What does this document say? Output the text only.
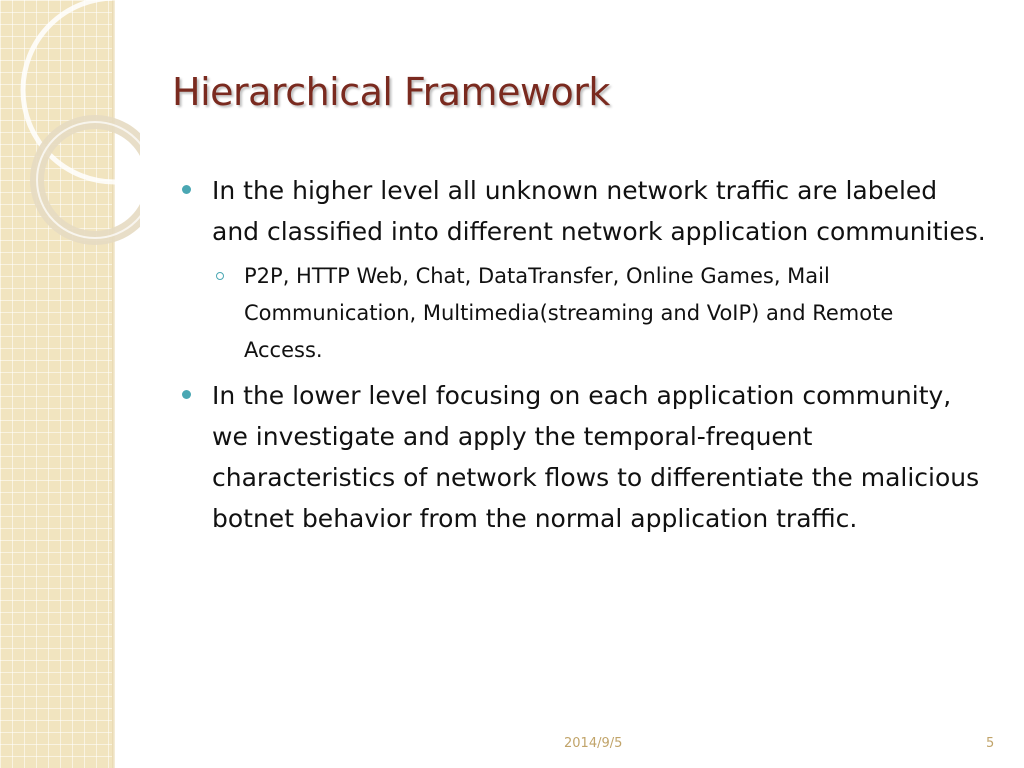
Hierarchical Framework
In the higher level all unknown network traffic are labeled and classified into different network application communities.
P2P, HTTP Web, Chat, DataTransfer, Online Games, Mail Communication, Multimedia(streaming and VoIP) and Remote Access.
In the lower level focusing on each application community, we investigate and apply the temporal-frequent characteristics of network flows to differentiate the malicious botnet behavior from the normal application traffic.
2014/9/5	5
